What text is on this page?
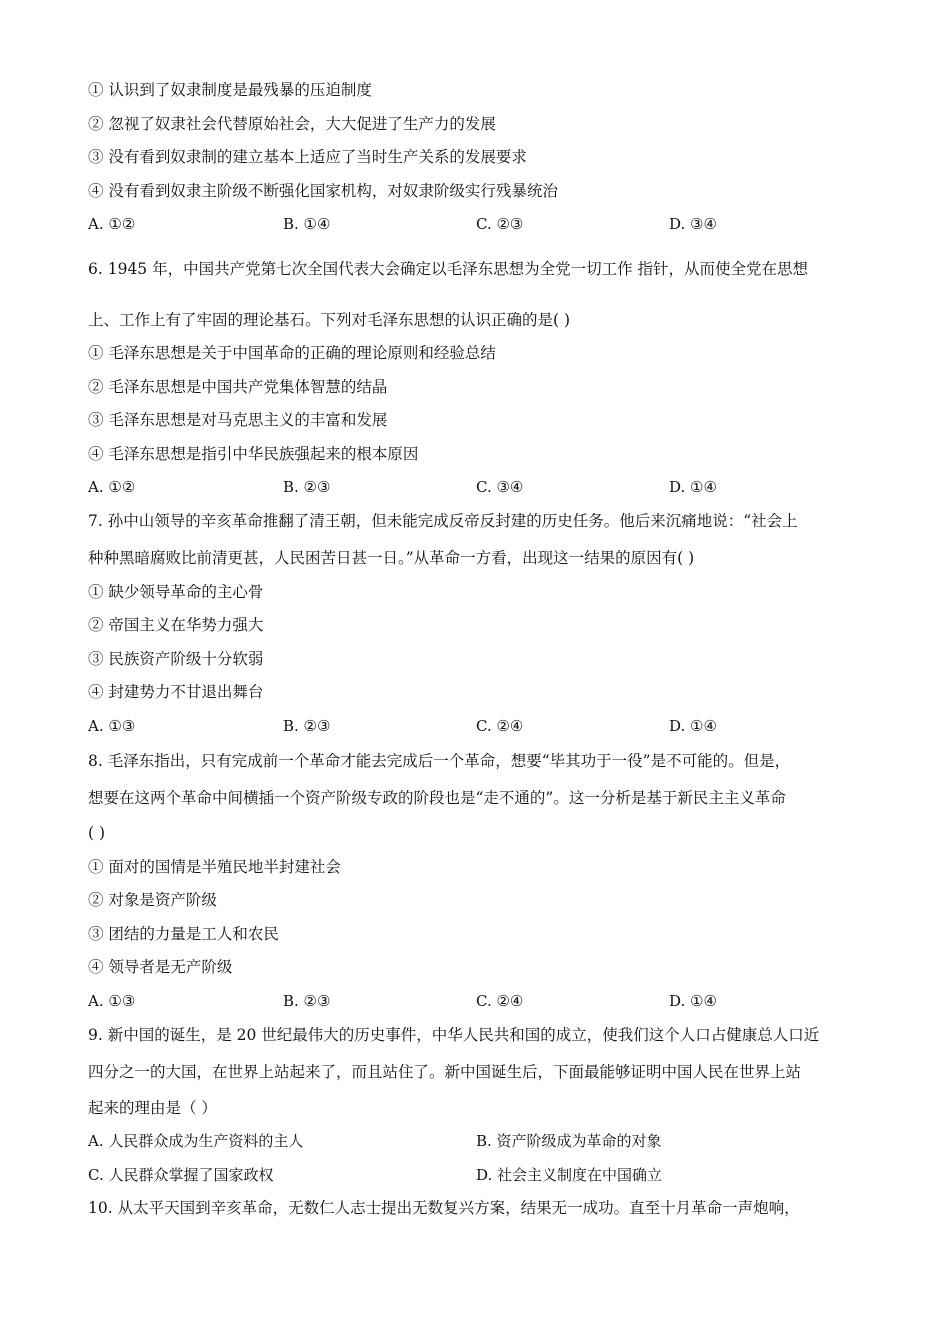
① 认识到了奴隶制度是最残暴的压迫制度
② 忽视了奴隶社会代替原始社会，大大促进了生产力的发展
③ 没有看到奴隶制的建立基本上适应了当时生产关系的发展要求
④ 没有看到奴隶主阶级不断强化国家机构，对奴隶阶级实行残暴统治
A. ①②	B. ①④	C. ②③	D. ③④
6. 1945 年，中国共产党第七次全国代表大会确定以毛泽东思想为全党一切工作 指针，从而使全党在思想
上、工作上有了牢固的理论基石。下列对毛泽东思想的认识正确的是( )
① 毛泽东思想是关于中国革命的正确的理论原则和经验总结
② 毛泽东思想是中国共产党集体智慧的结晶
③ 毛泽东思想是对马克思主义的丰富和发展
④ 毛泽东思想是指引中华民族强起来的根本原因
A. ①②	B. ②③	C. ③④	D. ①④
7. 孙中山领导的辛亥革命推翻了清王朝，但未能完成反帝反封建的历史任务。他后来沉痛地说：“社会上
种种黑暗腐败比前清更甚，人民困苦日甚一日。”从革命一方看，出现这一结果的原因有( )
① 缺少领导革命的主心骨
② 帝国主义在华势力强大
③ 民族资产阶级十分软弱
④ 封建势力不甘退出舞台
A. ①③	B. ②③	C. ②④	D. ①④
8. 毛泽东指出，只有完成前一个革命才能去完成后一个革命，想要“毕其功于一役”是不可能的。但是，
想要在这两个革命中间横插一个资产阶级专政的阶段也是“走不通的”。这一分析是基于新民主主义革命
( )
① 面对的国情是半殖民地半封建社会
② 对象是资产阶级
③ 团结的力量是工人和农民
④ 领导者是无产阶级
A. ①③	B. ②③	C. ②④	D. ①④
9. 新中国的诞生，是 20 世纪最伟大的历史事件，中华人民共和国的成立，使我们这个人口占健康总人口近
四分之一的大国，在世界上站起来了，而且站住了。新中国诞生后，下面最能够证明中国人民在世界上站
起来的理由是（ ）
A. 人民群众成为生产资料的主人	B. 资产阶级成为革命的对象
C. 人民群众掌握了国家政权	D. 社会主义制度在中国确立
10. 从太平天国到辛亥革命，无数仁人志士提出无数复兴方案，结果无一成功。直至十月革命一声炮响，
